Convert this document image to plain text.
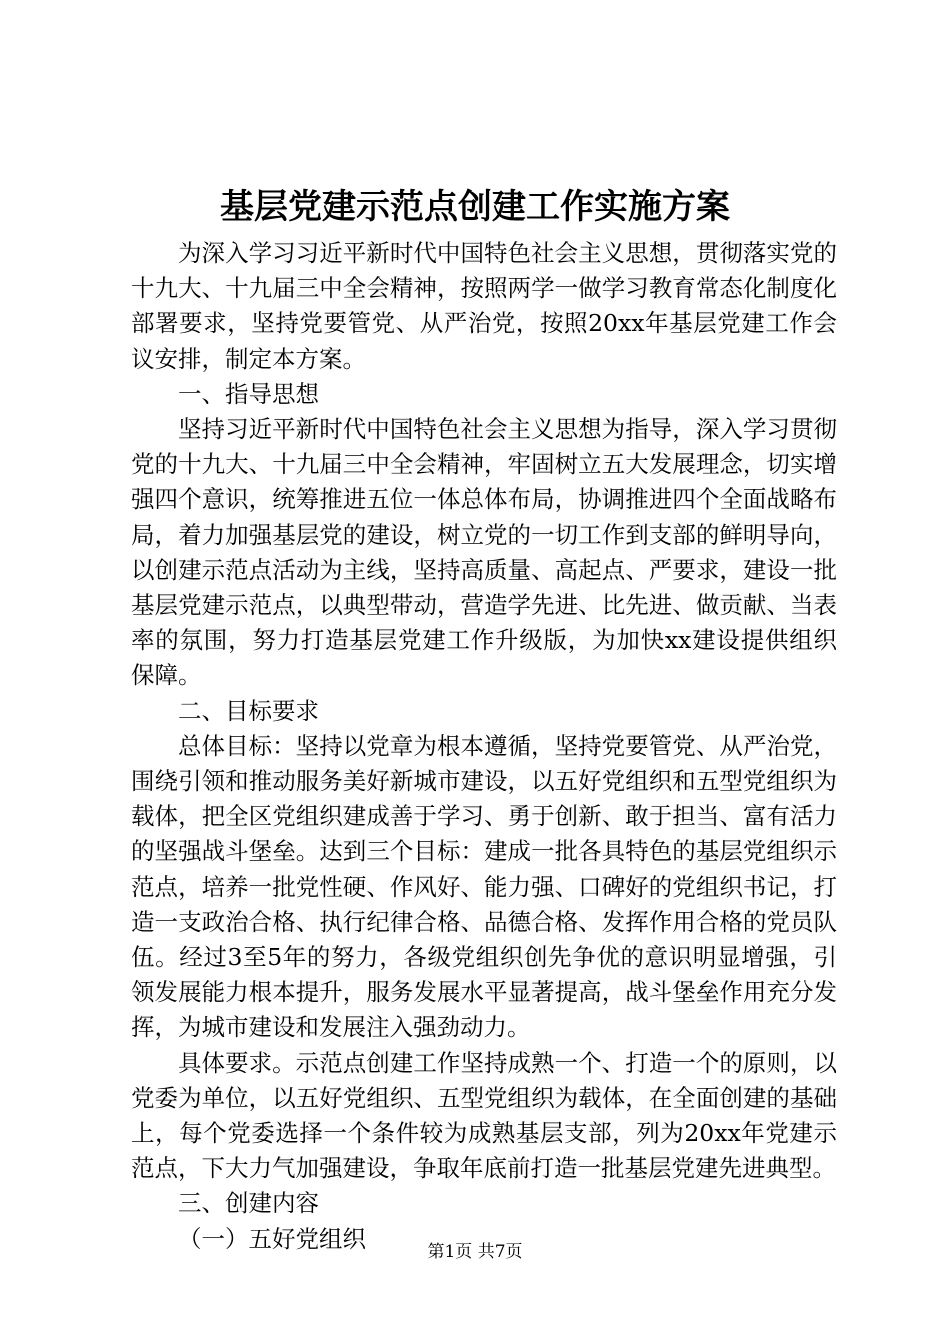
基层党建示范点创建工作实施方案

为深入学习习近平新时代中国特色社会主义思想，贯彻落实党的十九大、十九届三中全会精神，按照两学一做学习教育常态化制度化部署要求，坚持党要管党、从严治党，按照20xx年基层党建工作会议安排，制定本方案。

一、指导思想

坚持习近平新时代中国特色社会主义思想为指导，深入学习贯彻党的十九大、十九届三中全会精神，牢固树立五大发展理念，切实增强四个意识，统筹推进五位一体总体布局，协调推进四个全面战略布局，着力加强基层党的建设，树立党的一切工作到支部的鲜明导向，以创建示范点活动为主线，坚持高质量、高起点、严要求，建设一批基层党建示范点，以典型带动，营造学先进、比先进、做贡献、当表率的氛围，努力打造基层党建工作升级版，为加快xx建设提供组织保障。

二、目标要求

总体目标：坚持以党章为根本遵循，坚持党要管党、从严治党，围绕引领和推动服务美好新城市建设，以五好党组织和五型党组织为载体，把全区党组织建成善于学习、勇于创新、敢于担当、富有活力的坚强战斗堡垒。达到三个目标：建成一批各具特色的基层党组织示范点，培养一批党性硬、作风好、能力强、口碑好的党组织书记，打造一支政治合格、执行纪律合格、品德合格、发挥作用合格的党员队伍。经过3至5年的努力，各级党组织创先争优的意识明显增强，引领发展能力根本提升，服务发展水平显著提高，战斗堡垒作用充分发挥，为城市建设和发展注入强劲动力。

具体要求。示范点创建工作坚持成熟一个、打造一个的原则，以党委为单位，以五好党组织、五型党组织为载体，在全面创建的基础上，每个党委选择一个条件较为成熟基层支部，列为20xx年党建示范点，下大力气加强建设，争取年底前打造一批基层党建先进典型。

三、创建内容

（一）五好党组织	第1页 共7页
